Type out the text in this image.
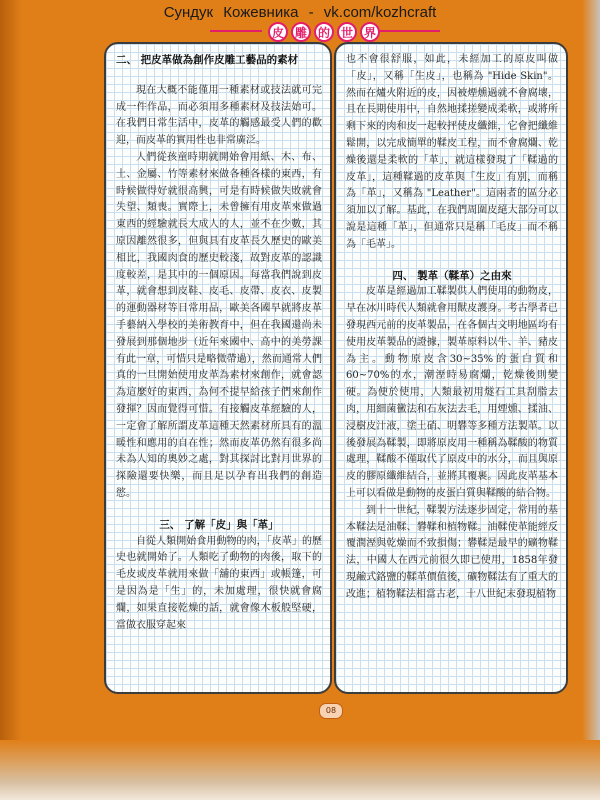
Сундук Кожевника - vk.com/kozhcraft
皮 雕 的 世 界
二、 把皮革做為創作皮雕工藝品的素材

現在大概不能僅用一種素材或技法就可完成一件作品，而必須用多種素材及技法始可。在我們日常生活中，皮革的觸感最受人們的歡迎，而皮革的實用性也非常廣泛。

人們從孩童時期就開始會用紙、木、布、土、金屬、竹等素材來做各種各樣的東西，有時候做得好就很高興，可是有時候做失敗就會失望、類喪。實際上，未曾擁有用皮革來做過東西的經驗就長大成人的人，並不在少數，其原因離然很多，但與具有皮革長久歷史的歐美相比，我國肉食的歷史較淺，故對皮革的認識度較差，是其中的一個原因。每當我們說到皮革，就會想到皮鞋、皮毛、皮帶、皮衣、皮製的運動器材等日常用品，歐美各國早就將皮革手藝納入學校的美術教育中，但在我國還尚未發展到那個地步（近年來國中、高中的美勞課有此一章，可惜只是略微帶過），然而通常人們真的一旦開始使用皮革為素材來創作，就會認為這麼好的東西，為何不提早給孩子們來創作發揮？因而覺得可惜。有接觸皮革經驗的人，一定會了解所謂皮革這種天然素材所具有的溫暖性和應用的自在性；然而皮革仍然有很多尚未為人知的奧妙之處，對其探討比對月世界的探險還要快樂，而且足以孕育出我們的創造慾。

三、 了解「皮」與「革」

自從人類開始食用動物的肉，「皮革」的歷史也就開始了。人類吃了動物的肉後，取下的毛皮或皮革就用來做「舖的東西」或帳篷，可是因為是「生」的，未加處理，很快就會腐爛，如果直接乾燥的話，就會像木板般堅硬，當做衣服穿起來

也不會很舒服，如此，未經加工的原皮叫做「皮」，又稱「生皮」，也稱為 "Hide Skin"。然而在爐火附近的皮，因被煙燻過就不會腐壞，且在長期使用中，自然地揉搓變成柔軟，或將所剩下來的肉和皮一起較抨使皮纖維，它會把纖維鬆開，以完成簡單的鞣皮工程，而不會腐爛、乾燥後還是柔軟的「革」，就這樣發現了「鞣過的皮革」，這種鞣過的皮革與「生皮」有別，而稱為「革」，又稱為 "Leather"。這兩者的區分必須加以了解。基此，在我們周圍皮絕大部分可以說是這種「革」，但通常只是稱「毛皮」而不稱為「毛革」。

四、 製革（鞣革）之由來

皮革是經過加工鞣製供人們使用的動物皮，早在冰川時代人類就會用獸皮護身。考古學者已發現西元前的皮革製品，在各個古文明地區均有使用皮革製品的證據，製革原料以牛、羊、豬皮為主。動物原皮含30~35%的蛋白質和60~70%的水，潮溼時易腐爛，乾燥後則變硬。為便於使用，人類最初用燧石工具刮脂去肉，用細菌黴法和石灰法去毛，用煙燻、揉油、浸樹皮汁液，塗土硝、明礬等多種方法製革。以後發展為鞣製，即將原皮用一種稱為鞣酸的物質處理，鞣酸不僅取代了原皮中的水分，而且與原皮的膠原纖維結合，並將其覆裹。因此皮革基本上可以看做是動物的皮蛋白質與鞣酸的結合物。

到十一世紀，鞣製方法逐步固定，常用的基本鞣法是油鞣、礬鞣和植物鞣。油鞣使革能經反覆潤溼與乾燥而不致損傷；礬鞣是最早的礦物鞣法，中國人在西元前很久即已使用，1858年發現鹼式鉻鹽的鞣革價值後，礦物鞣法有了重大的改進；植物鞣法相當古老，十八世紀末發現植物

08
